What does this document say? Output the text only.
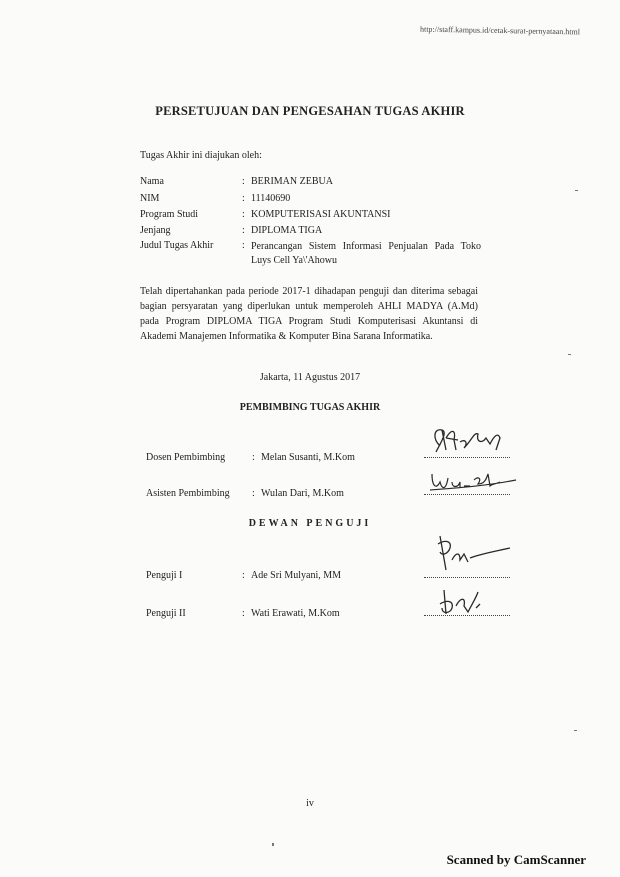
http://staff.kampus.id/cetak-surat-pernyataan.html
PERSETUJUAN DAN PENGESAHAN TUGAS AKHIR
Tugas Akhir ini diajukan oleh:
Nama	: BERIMAN ZEBUA
NIM	: 11140690
Program Studi	: KOMPUTERISASI AKUNTANSI
Jenjang	: DIPLOMA TIGA
Judul Tugas Akhir	: Perancangan Sistem Informasi Penjualan Pada Toko Luys Cell Ya\'Ahowu
Telah dipertahankan pada periode 2017-1 dihadapan penguji dan diterima sebagai bagian persyaratan yang diperlukan untuk memperoleh AHLI MADYA (A.Md) pada Program DIPLOMA TIGA Program Studi Komputerisasi Akuntansi di Akademi Manajemen Informatika & Komputer Bina Sarana Informatika.
Jakarta, 11 Agustus 2017
PEMBIMBING TUGAS AKHIR
Dosen Pembimbing	: Melan Susanti, M.Kom
Asisten Pembimbing : Wulan Dari, M.Kom
DEWAN PENGUJI
Penguji I	: Ade Sri Mulyani, MM
Penguji II	: Wati Erawati, M.Kom
iv
Scanned by CamScanner
